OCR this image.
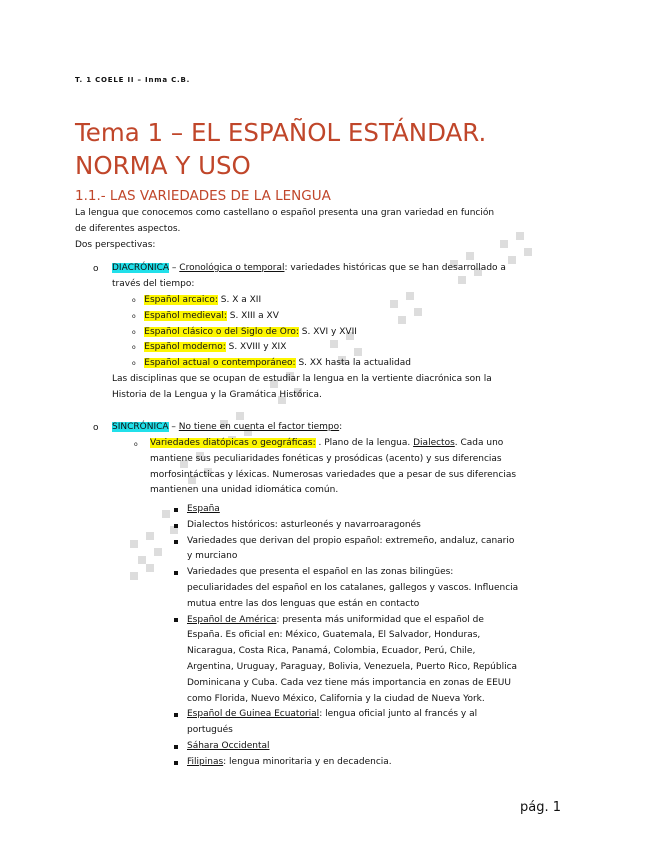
T. 1 COELE II – Inma C.B.
Tema 1 – EL ESPAÑOL ESTÁNDAR.
NORMA Y USO
1.1.- LAS VARIEDADES DE LA LENGUA
La lengua que conocemos como castellano o español presenta una gran variedad en función
de diferentes aspectos.
Dos perspectivas:
o DIACRÓNICA – Cronológica o temporal: variedades históricas que se han desarrollado a
través del tiempo:
o Español arcaico: S. X a XII
o Español medieval: S. XIII a XV
o Español clásico o del Siglo de Oro: S. XVI y XVII
o Español moderno: S. XVIII y XIX
o Español actual o contemporáneo: S. XX hasta la actualidad
Las disciplinas que se ocupan de estudiar la lengua en la vertiente diacrónica son la
Historia de la Lengua y la Gramática Histórica.
o SINCRÓNICA – No tiene en cuenta el factor tiempo:
o Variedades diatópicas o geográficas: . Plano de la lengua. Dialectos. Cada uno
mantiene sus peculiaridades fonéticas y prosódicas (acento) y sus diferencias
morfosintácticas y léxicas. Numerosas variedades que a pesar de sus diferencias
mantienen una unidad idiomática común.
España
Dialectos históricos: asturleonés y navarroaragonés
Variedades que derivan del propio español: extremeño, andaluz, canario
y murciano
Variedades que presenta el español en las zonas bilingües:
peculiaridades del español en los catalanes, gallegos y vascos. Influencia
mutua entre las dos lenguas que están en contacto
Español de América: presenta más uniformidad que el español de
España. Es oficial en: México, Guatemala, El Salvador, Honduras,
Nicaragua, Costa Rica, Panamá, Colombia, Ecuador, Perú, Chile,
Argentina, Uruguay, Paraguay, Bolivia, Venezuela, Puerto Rico, República
Dominicana y Cuba. Cada vez tiene más importancia en zonas de EEUU
como Florida, Nuevo México, California y la ciudad de Nueva York.
Español de Guinea Ecuatorial: lengua oficial junto al francés y al
portugués
Sáhara Occidental
Filipinas: lengua minoritaria y en decadencia.
pág. 1
